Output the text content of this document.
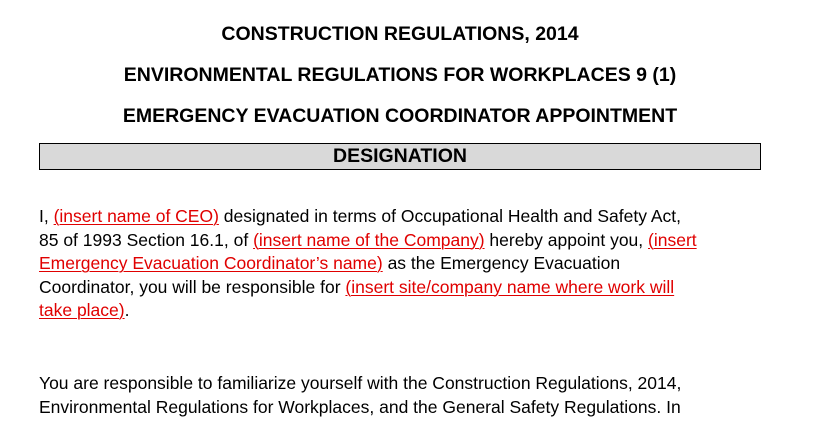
CONSTRUCTION REGULATIONS, 2014
ENVIRONMENTAL REGULATIONS FOR WORKPLACES 9 (1)
EMERGENCY EVACUATION COORDINATOR APPOINTMENT
DESIGNATION
I, (insert name of CEO) designated in terms of Occupational Health and Safety Act,
85 of 1993 Section 16.1, of (insert name of the Company) hereby appoint you, (insert
Emergency Evacuation Coordinator’s name) as the Emergency Evacuation
Coordinator, you will be responsible for (insert site/company name where work will
take place).
You are responsible to familiarize yourself with the Construction Regulations, 2014,
Environmental Regulations for Workplaces, and the General Safety Regulations. In
